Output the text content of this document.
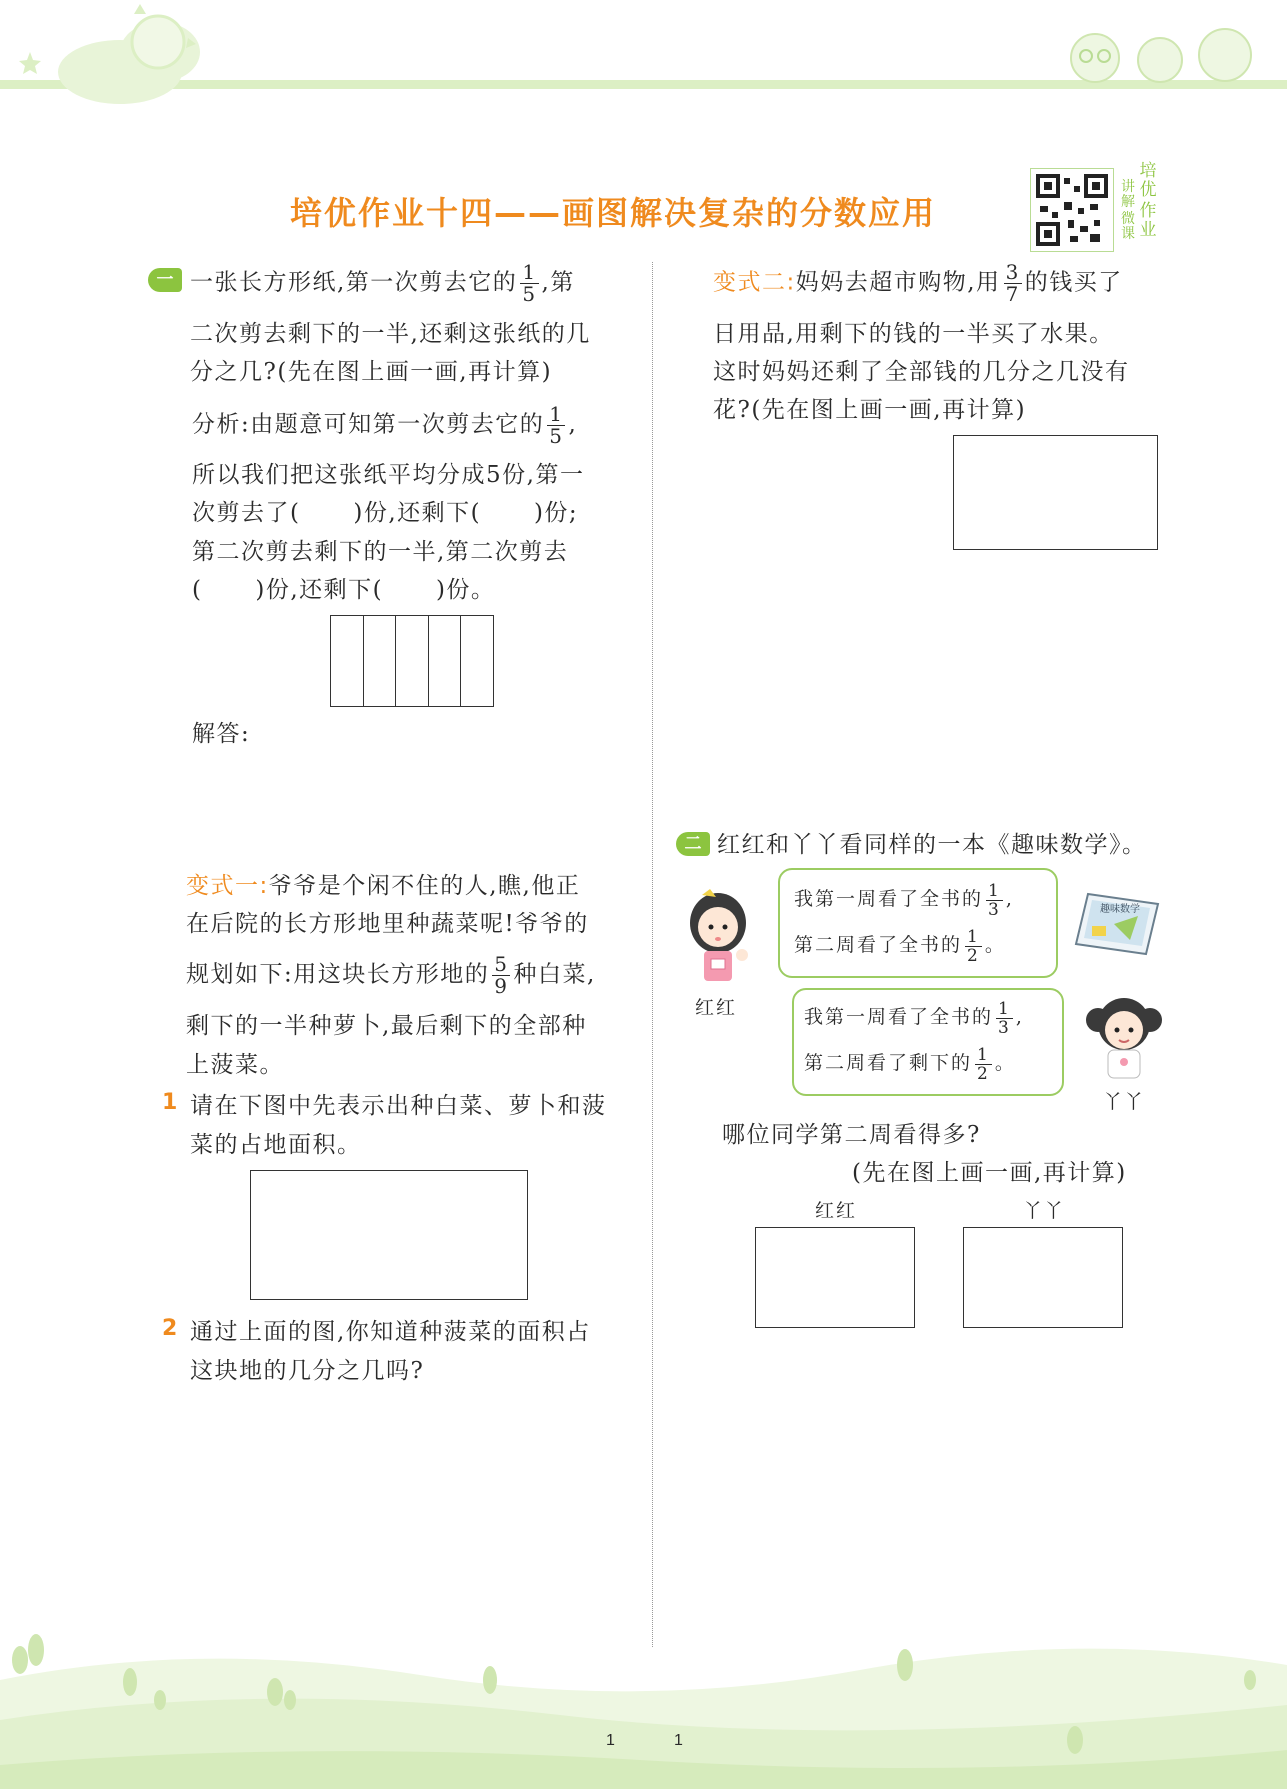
培优作业十四——画图解决复杂的分数应用
培优
讲解
微课
作业
一 一张长方形纸,第一次剪去它的 $\frac{1}{5}$ ,第
二次剪去剩下的一半,还剩这张纸的几
分之几?(先在图上画一画,再计算)
分析:由题意可知第一次剪去它的 $\frac{1}{5}$ ,
所以我们把这张纸平均分成5份,第一
次剪去了(      )份,还剩下(      )份;
第二次剪去剩下的一半,第二次剪去
(      )份,还剩下(      )份。
解答:
变式一:爷爷是个闲不住的人,瞧,他正
在后院的长方形地里种蔬菜呢!爷爷的
规划如下:用这块长方形地的 $\frac{5}{9}$ 种白菜,
剩下的一半种萝卜,最后剩下的全部种
上菠菜。
1 请在下图中先表示出种白菜、萝卜和菠
菜的占地面积。
2 通过上面的图,你知道种菠菜的面积占
这块地的几分之几吗?
变式二:妈妈去超市购物,用 $\frac{3}{7}$ 的钱买了
日用品,用剩下的钱的一半买了水果。
这时妈妈还剩了全部钱的几分之几没有
花?(先在图上画一画,再计算)
二 红红和丫丫看同样的一本《趣味数学》。
红红
我第一周看了全书的 $\frac{1}{3}$ ,
第二周看了全书的 $\frac{1}{2}$ 。
趣味数学
我第一周看了全书的 $\frac{1}{3}$ ,
第二周看了剩下的 $\frac{1}{2}$ 。
丫丫
哪位同学第二周看得多?
(先在图上画一画,再计算)
红红	丫丫
1	1
